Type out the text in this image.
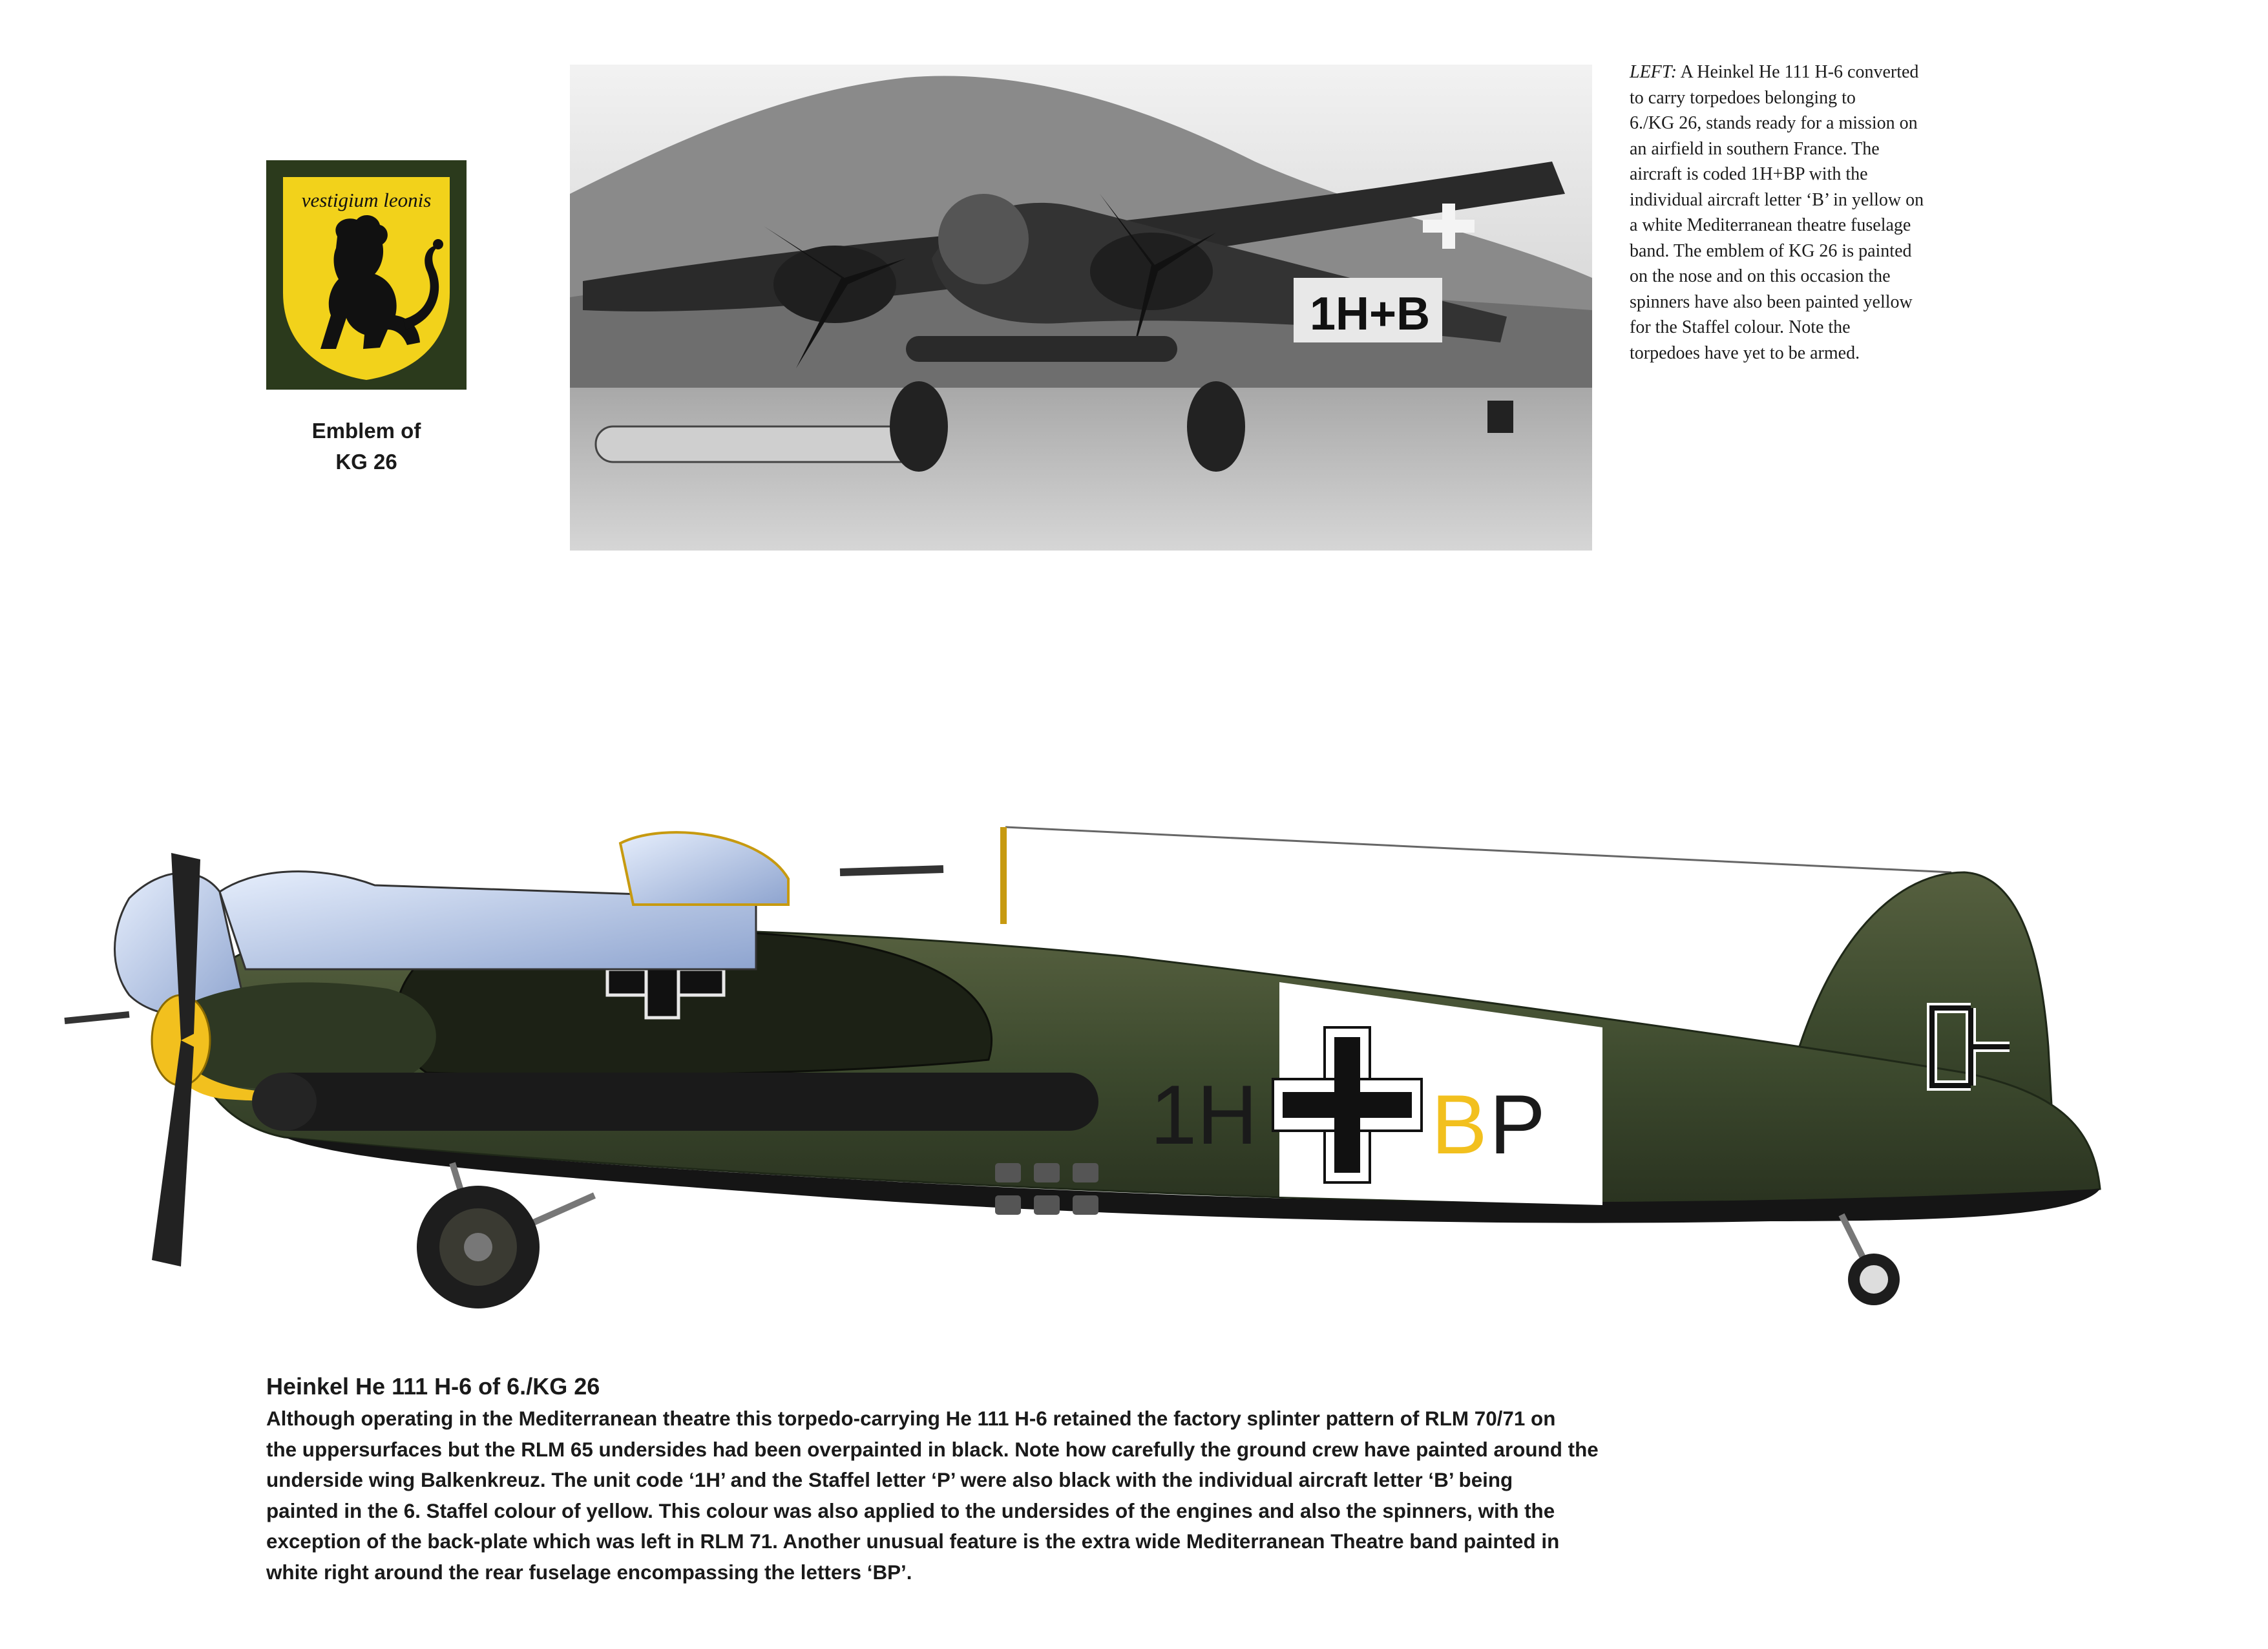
vestigium leonis
Emblem of
KG 26
1H+B
LEFT: A Heinkel He 111 H-6 converted
to carry torpedoes belonging to
6./KG 26, stands ready for a mission on
an airfield in southern France. The
aircraft is coded 1H+BP with the
individual aircraft letter ‘B’ in yellow on
a white Mediterranean theatre fuselage
band. The emblem of KG 26 is painted
on the nose and on this occasion the
spinners have also been painted yellow
for the Staffel colour. Note the
torpedoes have yet to be armed.
1H B P
Heinkel He 111 H-6 of 6./KG 26
Although operating in the Mediterranean theatre this torpedo-carrying He 111 H-6 retained the factory splinter pattern of RLM 70/71 on
the uppersurfaces but the RLM 65 undersides had been overpainted in black. Note how carefully the ground crew have painted around the
underside wing Balkenkreuz. The unit code ‘1H’ and the Staffel letter ‘P’ were also black with the individual aircraft letter ‘B’ being
painted in the 6. Staffel colour of yellow. This colour was also applied to the undersides of the engines and also the spinners, with the
exception of the back-plate which was left in RLM 71. Another unusual feature is the extra wide Mediterranean Theatre band painted in
white right around the rear fuselage encompassing the letters ‘BP’.
